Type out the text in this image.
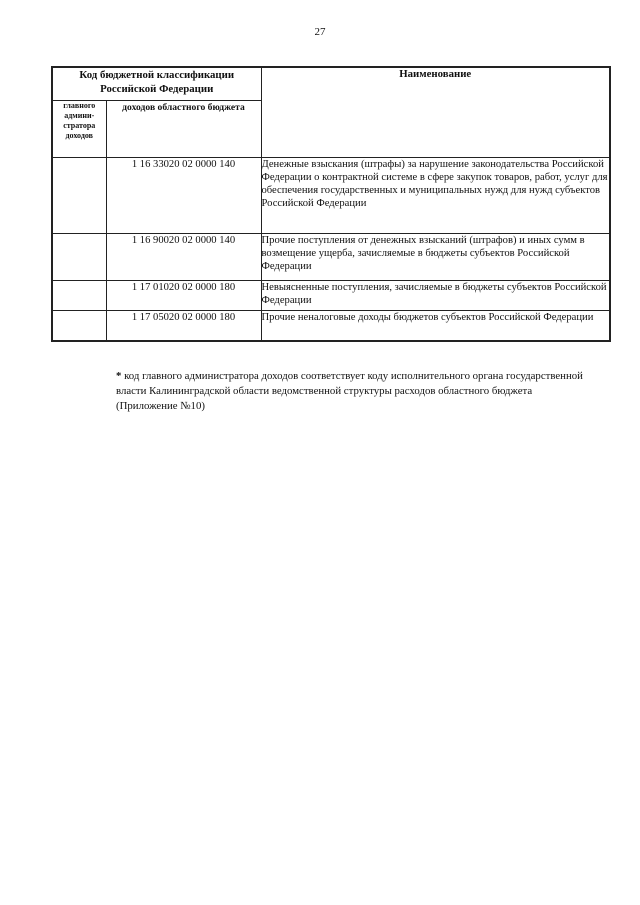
27
Код бюджетной классификации Российской Федерации		Наименование
главного админи-стратора доходов	доходов областного бюджета	
	1 16 33020 02 0000 140	Денежные взыскания (штрафы) за нарушение законодательства Российской Федерации о контрактной системе в сфере закупок товаров, работ, услуг для обеспечения государственных и муниципальных нужд для нужд субъектов Российской Федерации
	1 16 90020 02 0000 140	Прочие поступления от денежных взысканий (штрафов) и иных сумм в возмещение ущерба, зачисляемые в бюджеты субъектов Российской Федерации
	1 17 01020 02 0000 180	Невыясненные поступления, зачисляемые в бюджеты субъектов Российской Федерации
	1 17 05020 02 0000 180	Прочие неналоговые доходы бюджетов субъектов Российской Федерации
* код главного администратора доходов соответствует коду исполнительного органа государственной власти Калининградской области ведомственной структуры расходов областного бюджета (Приложение №10)
